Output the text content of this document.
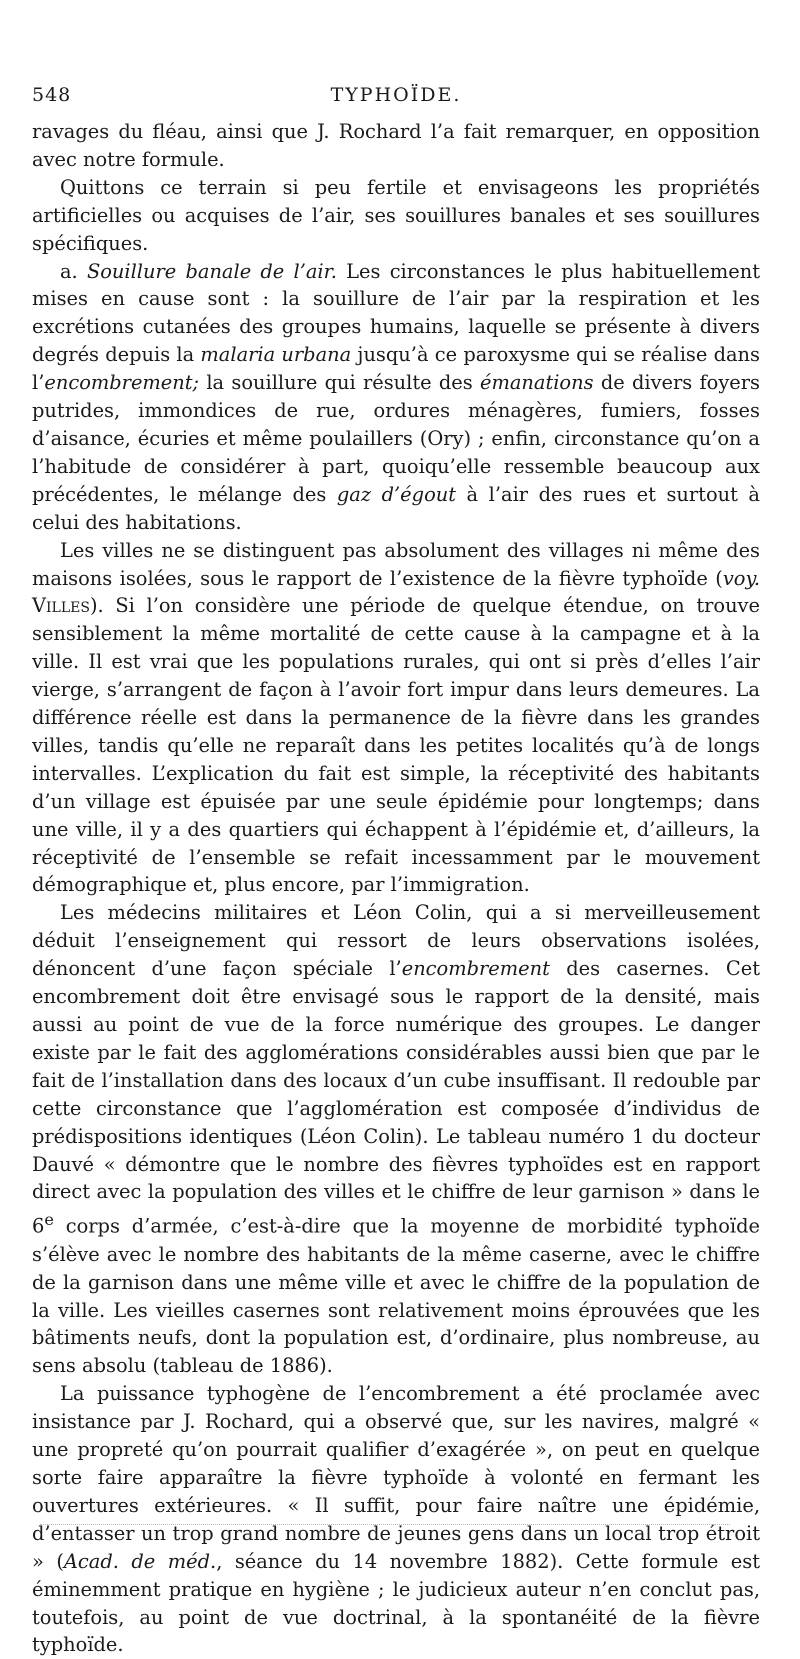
548	TYPHOÏDE.

ravages du fléau, ainsi que J. Rochard l’a fait remarquer, en opposition avec notre formule.

Quittons ce terrain si peu fertile et envisageons les propriétés artificielles ou acquises de l’air, ses souillures banales et ses souillures spécifiques.

a. Souillure banale de l’air. Les circonstances le plus habituellement mises en cause sont : la souillure de l’air par la respiration et les excrétions cutanées des groupes humains, laquelle se présente à divers degrés depuis la malaria urbana jusqu’à ce paroxysme qui se réalise dans l’encombrement; la souillure qui résulte des émanations de divers foyers putrides, immondices de rue, ordures ménagères, fumiers, fosses d’aisance, écuries et même poulaillers (Ory) ; enfin, circonstance qu’on a l’habitude de considérer à part, quoiqu’elle ressemble beaucoup aux précédentes, le mélange des gaz d’égout à l’air des rues et surtout à celui des habitations.

Les villes ne se distinguent pas absolument des villages ni même des maisons isolées, sous le rapport de l’existence de la fièvre typhoïde (voy. Villes). Si l’on considère une période de quelque étendue, on trouve sensiblement la même mortalité de cette cause à la campagne et à la ville. Il est vrai que les populations rurales, qui ont si près d’elles l’air vierge, s’arrangent de façon à l’avoir fort impur dans leurs demeures. La différence réelle est dans la permanence de la fièvre dans les grandes villes, tandis qu’elle ne reparaît dans les petites localités qu’à de longs intervalles. L’explication du fait est simple, la réceptivité des habitants d’un village est épuisée par une seule épidémie pour longtemps; dans une ville, il y a des quartiers qui échappent à l’épidémie et, d’ailleurs, la réceptivité de l’ensemble se refait incessamment par le mouvement démographique et, plus encore, par l’immigration.

Les médecins militaires et Léon Colin, qui a si merveilleusement déduit l’enseignement qui ressort de leurs observations isolées, dénoncent d’une façon spéciale l’encombrement des casernes. Cet encombrement doit être envisagé sous le rapport de la densité, mais aussi au point de vue de la force numérique des groupes. Le danger existe par le fait des agglomérations considérables aussi bien que par le fait de l’installation dans des locaux d’un cube insuffisant. Il redouble par cette circonstance que l’agglomération est composée d’individus de prédispositions identiques (Léon Colin). Le tableau numéro 1 du docteur Dauvé « démontre que le nombre des fièvres typhoïdes est en rapport direct avec la population des villes et le chiffre de leur garnison » dans le 6e corps d’armée, c’est-à-dire que la moyenne de morbidité typhoïde s’élève avec le nombre des habitants de la même caserne, avec le chiffre de la garnison dans une même ville et avec le chiffre de la population de la ville. Les vieilles casernes sont relativement moins éprouvées que les bâtiments neufs, dont la population est, d’ordinaire, plus nombreuse, au sens absolu (tableau de 1886).

La puissance typhogène de l’encombrement a été proclamée avec insistance par J. Rochard, qui a observé que, sur les navires, malgré « une propreté qu’on pourrait qualifier d’exagérée », on peut en quelque sorte faire apparaître la fièvre typhoïde à volonté en fermant les ouvertures extérieures. « Il suffit, pour faire naître une épidémie, d’entasser un trop grand nombre de jeunes gens dans un local trop étroit » (Acad. de méd., séance du 14 novembre 1882). Cette formule est éminemment pratique en hygiène ; le judicieux auteur n’en conclut pas, toutefois, au point de vue doctrinal, à la spontanéité de la fièvre typhoïde.
